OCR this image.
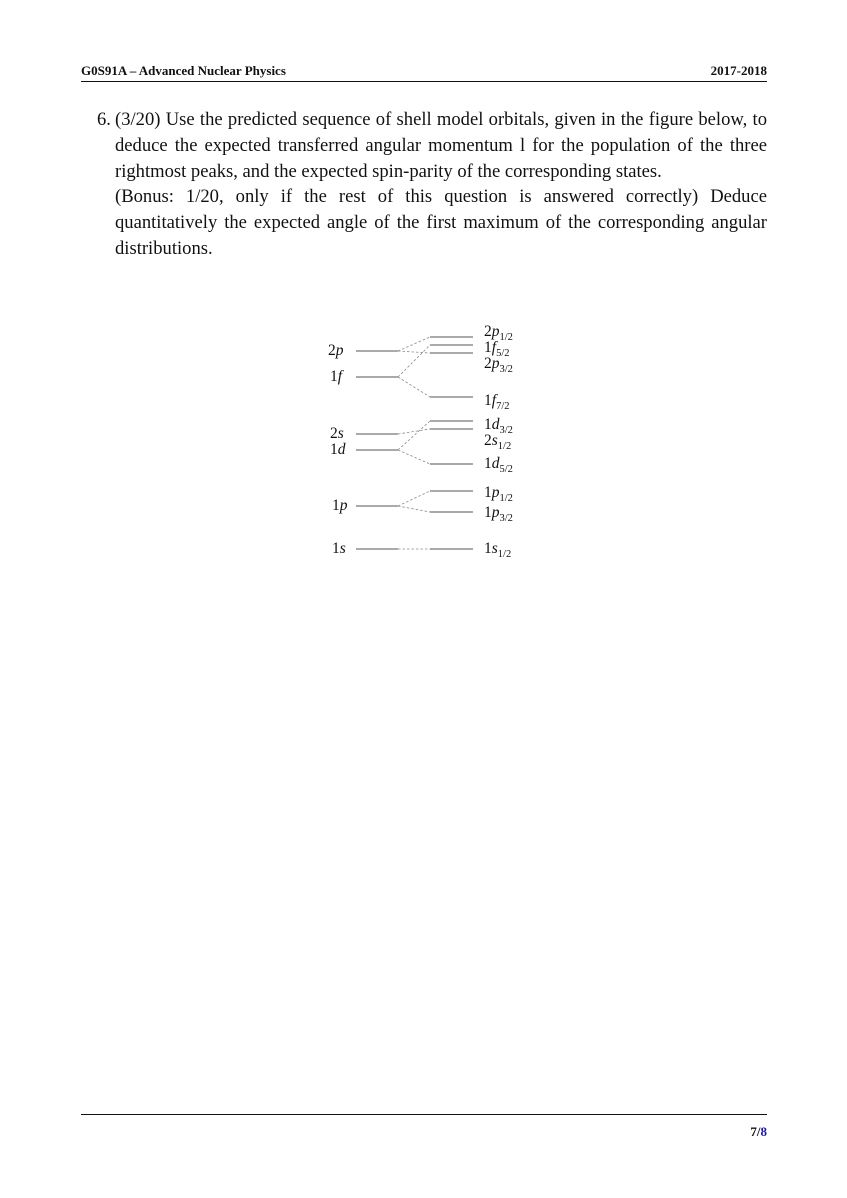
G0S91A – Advanced Nuclear Physics	2017-2018
6. (3/20) Use the predicted sequence of shell model orbitals, given in the figure below, to deduce the expected transferred angular momentum l for the population of the three rightmost peaks, and the expected spin-parity of the corresponding states.

(Bonus: 1/20, only if the rest of this question is answered correctly) Deduce quantitatively the expected angle of the first maximum of the corresponding angular distributions.

2p
1f
2s
1d
1p
1s
$2p_{1/2}$
$1f_{5/2}$
$2p_{3/2}$
$1f_{7/2}$
$1d_{3/2}$
$2s_{1/2}$
$1d_{5/2}$
$1p_{1/2}$
$1p_{3/2}$
$1s_{1/2}$
7/8
